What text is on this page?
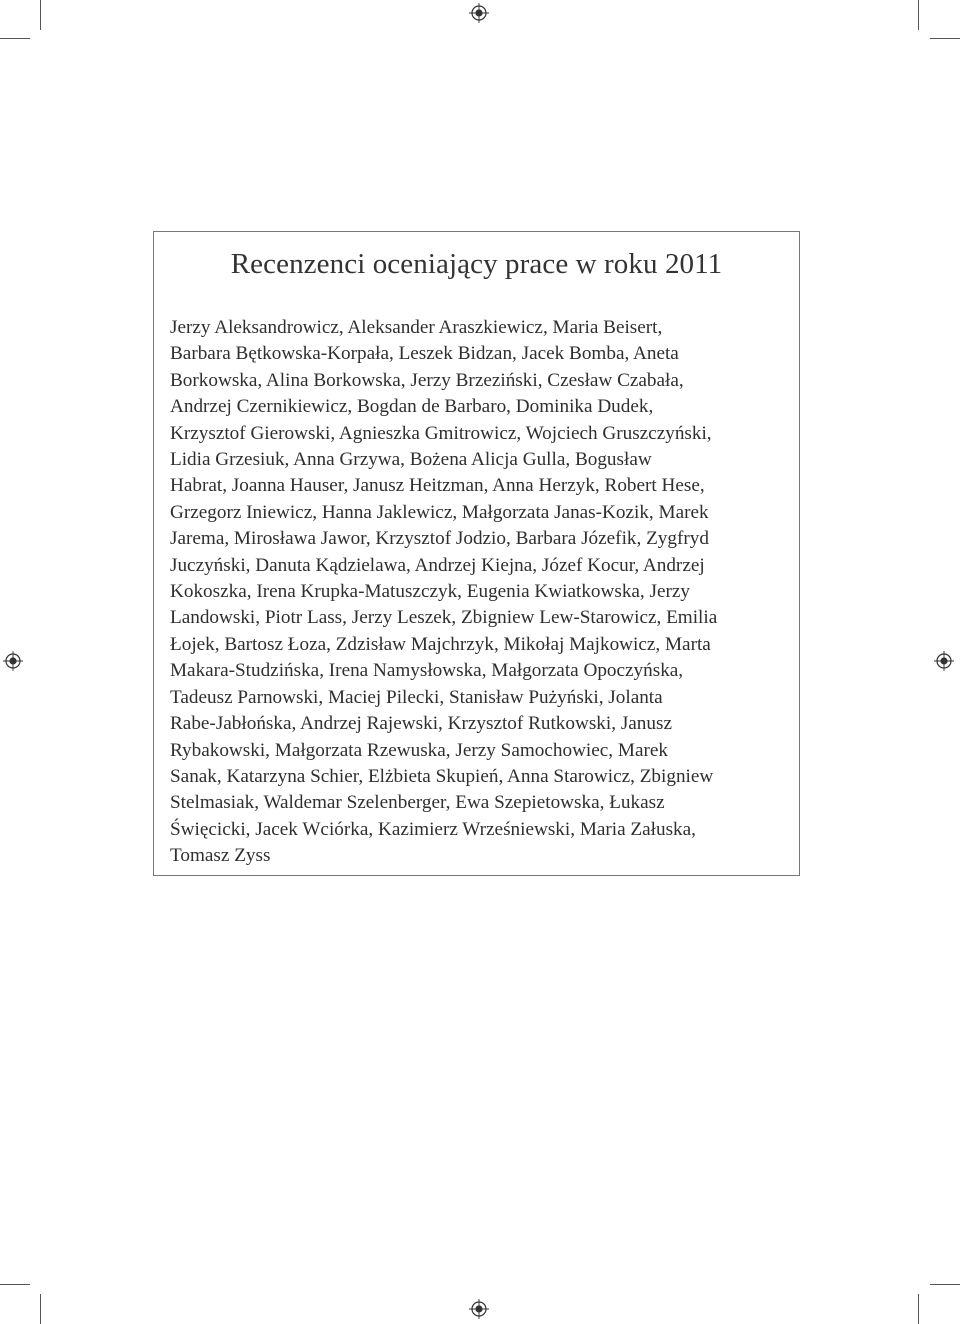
Recenzenci oceniający prace w roku 2011

Jerzy Aleksandrowicz, Aleksander Araszkiewicz, Maria Beisert,
Barbara Bętkowska-Korpała, Leszek Bidzan, Jacek Bomba, Aneta
Borkowska, Alina Borkowska, Jerzy Brzeziński, Czesław Czabała,
Andrzej Czernikiewicz, Bogdan de Barbaro, Dominika Dudek,
Krzysztof Gierowski, Agnieszka Gmitrowicz, Wojciech Gruszczyński,
Lidia Grzesiuk, Anna Grzywa, Bożena Alicja Gulla, Bogusław
Habrat, Joanna Hauser, Janusz Heitzman, Anna Herzyk, Robert Hese,
Grzegorz Iniewicz, Hanna Jaklewicz, Małgorzata Janas-Kozik, Marek
Jarema, Mirosława Jawor, Krzysztof Jodzio, Barbara Józefik, Zygfryd
Juczyński, Danuta Kądzielawa, Andrzej Kiejna, Józef Kocur, Andrzej
Kokoszka, Irena Krupka-Matuszczyk, Eugenia Kwiatkowska, Jerzy
Landowski, Piotr Lass, Jerzy Leszek, Zbigniew Lew-Starowicz, Emilia
Łojek, Bartosz Łoza, Zdzisław Majchrzyk, Mikołaj Majkowicz, Marta
Makara-Studzińska, Irena Namysłowska, Małgorzata Opoczyńska,
Tadeusz Parnowski, Maciej Pilecki, Stanisław Pużyński, Jolanta
Rabe-Jabłońska, Andrzej Rajewski, Krzysztof Rutkowski, Janusz
Rybakowski, Małgorzata Rzewuska, Jerzy Samochowiec, Marek
Sanak, Katarzyna Schier, Elżbieta Skupień, Anna Starowicz, Zbigniew
Stelmasiak, Waldemar Szelenberger, Ewa Szepietowska, Łukasz
Święcicki, Jacek Wciórka, Kazimierz Wrześniewski, Maria Załuska,
Tomasz Zyss
